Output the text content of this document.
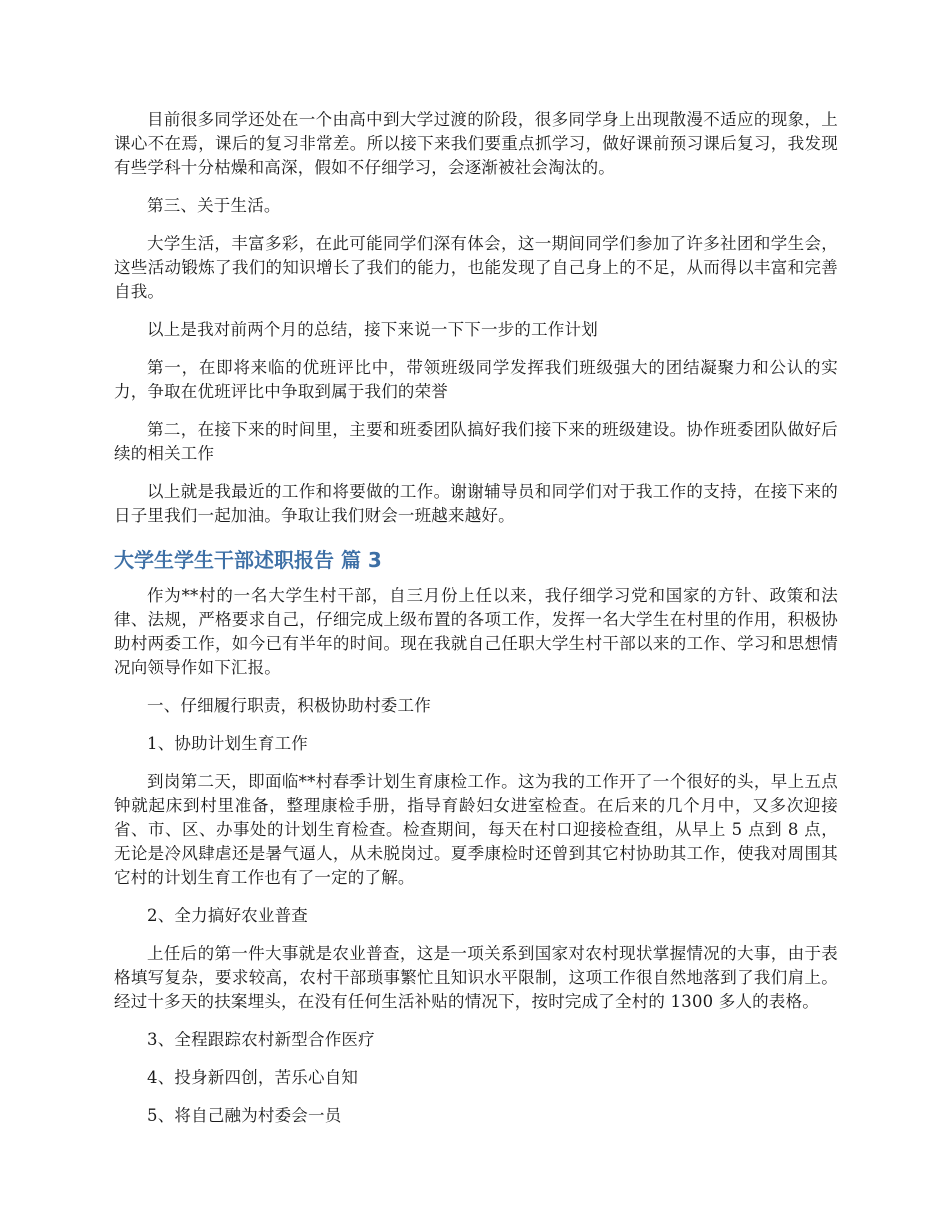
目前很多同学还处在一个由高中到大学过渡的阶段，很多同学身上出现散漫不适应的现象，上课心不在焉，课后的复习非常差。所以接下来我们要重点抓学习，做好课前预习课后复习，我发现有些学科十分枯燥和高深，假如不仔细学习，会逐渐被社会淘汰的。

第三、关于生活。

大学生活，丰富多彩，在此可能同学们深有体会，这一期间同学们参加了许多社团和学生会，这些活动锻炼了我们的知识增长了我们的能力，也能发现了自己身上的不足，从而得以丰富和完善自我。

以上是我对前两个月的总结，接下来说一下下一步的工作计划

第一，在即将来临的优班评比中，带领班级同学发挥我们班级强大的团结凝聚力和公认的实力，争取在优班评比中争取到属于我们的荣誉

第二，在接下来的时间里，主要和班委团队搞好我们接下来的班级建设。协作班委团队做好后续的相关工作

以上就是我最近的工作和将要做的工作。谢谢辅导员和同学们对于我工作的支持，在接下来的日子里我们一起加油。争取让我们财会一班越来越好。

大学生学生干部述职报告 篇 3

作为**村的一名大学生村干部，自三月份上任以来，我仔细学习党和国家的方针、政策和法律、法规，严格要求自己，仔细完成上级布置的各项工作，发挥一名大学生在村里的作用，积极协助村两委工作，如今已有半年的时间。现在我就自己任职大学生村干部以来的工作、学习和思想情况向领导作如下汇报。

一、仔细履行职责，积极协助村委工作

1、协助计划生育工作

到岗第二天，即面临**村春季计划生育康检工作。这为我的工作开了一个很好的头，早上五点钟就起床到村里准备，整理康检手册，指导育龄妇女进室检查。在后来的几个月中，又多次迎接省、市、区、办事处的计划生育检查。检查期间，每天在村口迎接检查组，从早上 5 点到 8 点，无论是冷风肆虐还是暑气逼人，从未脱岗过。夏季康检时还曾到其它村协助其工作，使我对周围其它村的计划生育工作也有了一定的了解。

2、全力搞好农业普查

上任后的第一件大事就是农业普查，这是一项关系到国家对农村现状掌握情况的大事，由于表格填写复杂，要求较高，农村干部琐事繁忙且知识水平限制，这项工作很自然地落到了我们肩上。经过十多天的扶案埋头，在没有任何生活补贴的情况下，按时完成了全村的 1300 多人的表格。

3、全程跟踪农村新型合作医疗

4、投身新四创，苦乐心自知

5、将自己融为村委会一员
